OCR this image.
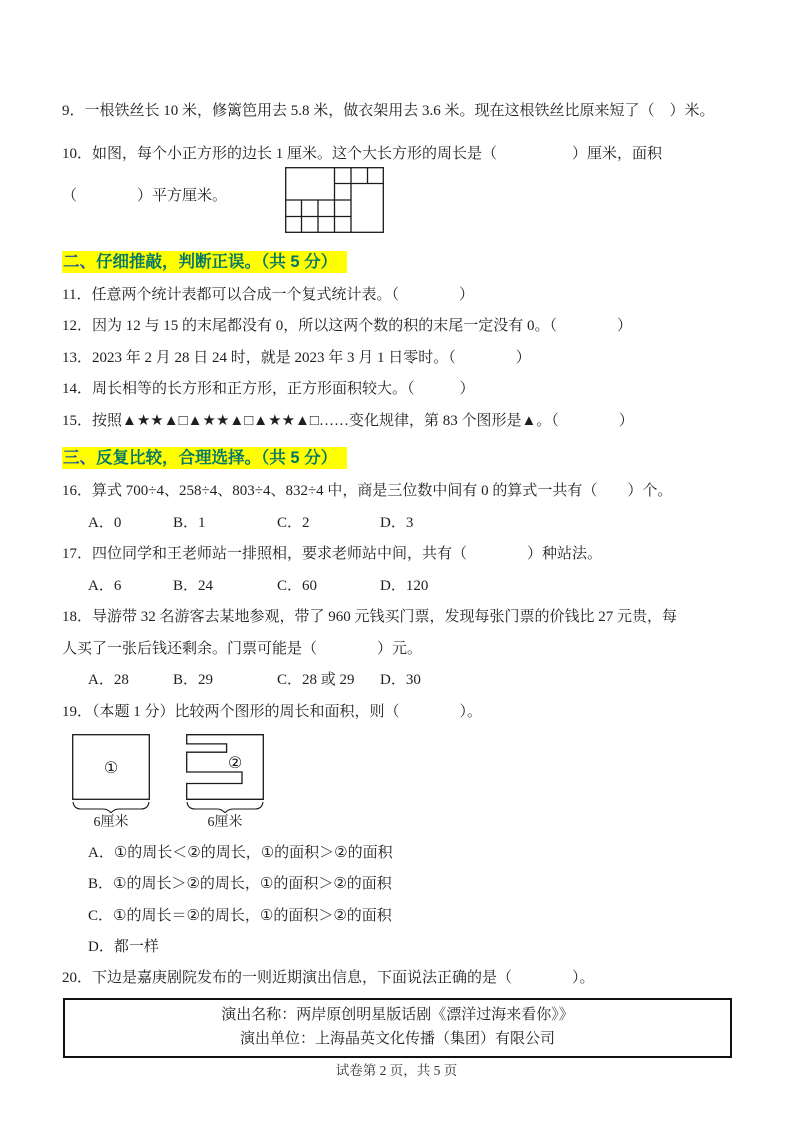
9．一根铁丝长 10 米，修篱笆用去 5.8 米，做衣架用去 3.6 米。现在这根铁丝比原来短了（　）米。

10．如图，每个小正方形的边长 1 厘米。这个大长方形的周长是（　　　　　）厘米，面积

（　　　　）平方厘米。

二、仔细推敲，判断正误。（共 5 分）

11．任意两个统计表都可以合成一个复式统计表。（　　　　）

12．因为 12 与 15 的末尾都没有 0，所以这两个数的积的末尾一定没有 0。（　　　　）

13．2023 年 2 月 28 日 24 时，就是 2023 年 3 月 1 日零时。（　　　　）

14．周长相等的长方形和正方形，正方形面积较大。（　　　）

15．按照▲★★▲□▲★★▲□▲★★▲□……变化规律，第 83 个图形是▲。（　　　　）

三、反复比较，合理选择。（共 5 分）

16．算式 700÷4、258÷4、803÷4、832÷4 中，商是三位数中间有 0 的算式一共有（　　）个。

A．0	B．1	C．2	D．3

17．四位同学和王老师站一排照相，要求老师站中间，共有（　　　　）种站法。

A．6	B．24	C．60	D．120

18．导游带 32 名游客去某地参观，带了 960 元钱买门票，发现每张门票的价钱比 27 元贵，每

人买了一张后钱还剩余。门票可能是（　　　　）元。

A．28	B．29	C．28 或 29	D．30

19．（本题 1 分）比较两个图形的周长和面积，则（　　　　）。

①
6厘米
②
6厘米

A．①的周长＜②的周长，①的面积＞②的面积

B．①的周长＞②的周长，①的面积＞②的面积

C．①的周长＝②的周长，①的面积＞②的面积

D．都一样

20．下边是嘉庚剧院发布的一则近期演出信息，下面说法正确的是（　　　　）。

演出名称：两岸原创明星版话剧《漂洋过海来看你》》
演出单位：上海晶英文化传播（集团）有限公司
试卷第 2 页，共 5 页
